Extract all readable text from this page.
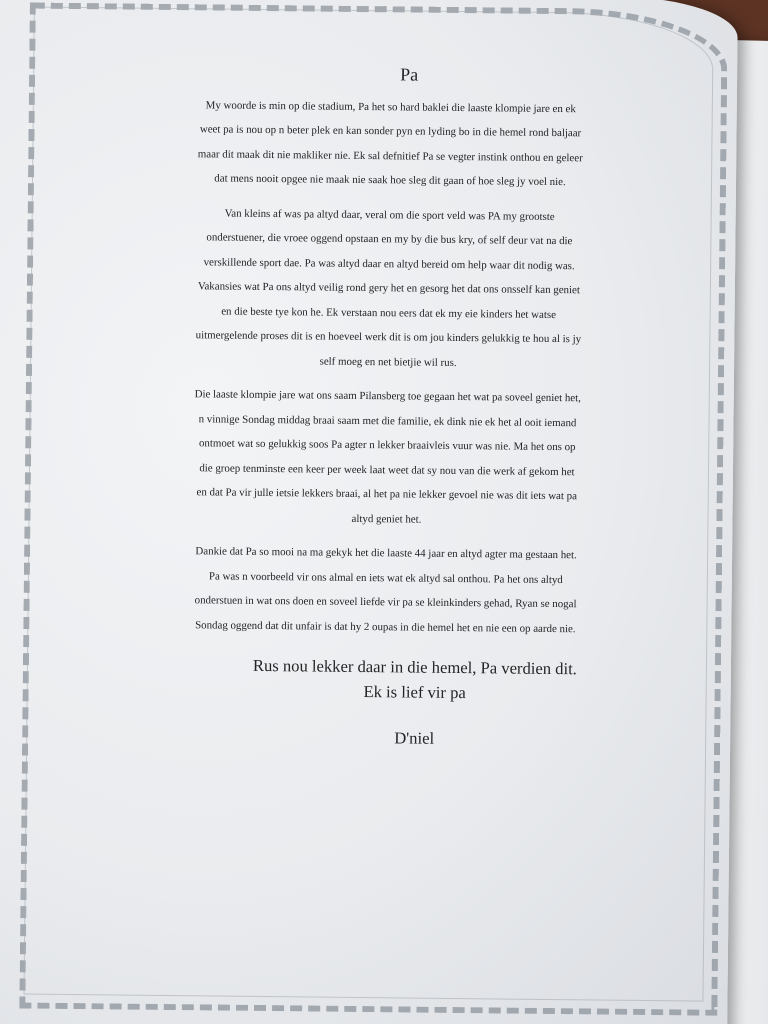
Pa
My woorde is min op die stadium, Pa het so hard baklei die laaste klompie jare en ek
weet pa is nou op n beter plek en kan sonder pyn en lyding bo in die hemel rond baljaar
maar dit maak dit nie makliker nie. Ek sal defnitief Pa se vegter instink onthou en geleer
dat mens nooit opgee nie maak nie saak hoe sleg dit gaan of hoe sleg jy voel nie.
Van kleins af was pa altyd daar, veral om die sport veld was PA my grootste
onderstuener, die vroee oggend opstaan en my by die bus kry, of self deur vat na die
verskillende sport dae. Pa was altyd daar en altyd bereid om help waar dit nodig was.
Vakansies wat Pa ons altyd veilig rond gery het en gesorg het dat ons onsself kan geniet
en die beste tye kon he. Ek verstaan nou eers dat ek my eie kinders het watse
uitmergelende proses dit is en hoeveel werk dit is om jou kinders gelukkig te hou al is jy
self moeg en net bietjie wil rus.
Die laaste klompie jare wat ons saam Pilansberg toe gegaan het wat pa soveel geniet het,
n vinnige Sondag middag braai saam met die familie, ek dink nie ek het al ooit iemand
ontmoet wat so gelukkig soos Pa agter n lekker braaivleis vuur was nie. Ma het ons op
die groep tenminste een keer per week laat weet dat sy nou van die werk af gekom het
en dat Pa vir julle ietsie lekkers braai, al het pa nie lekker gevoel nie was dit iets wat pa
altyd geniet het.
Dankie dat Pa so mooi na ma gekyk het die laaste 44 jaar en altyd agter ma gestaan het.
Pa was n voorbeeld vir ons almal en iets wat ek altyd sal onthou. Pa het ons altyd
onderstuen in wat ons doen en soveel liefde vir pa se kleinkinders gehad, Ryan se nogal
Sondag oggend dat dit unfair is dat hy 2 oupas in die hemel het en nie een op aarde nie.
Rus nou lekker daar in die hemel, Pa verdien dit.
Ek is lief vir pa
D'niel
